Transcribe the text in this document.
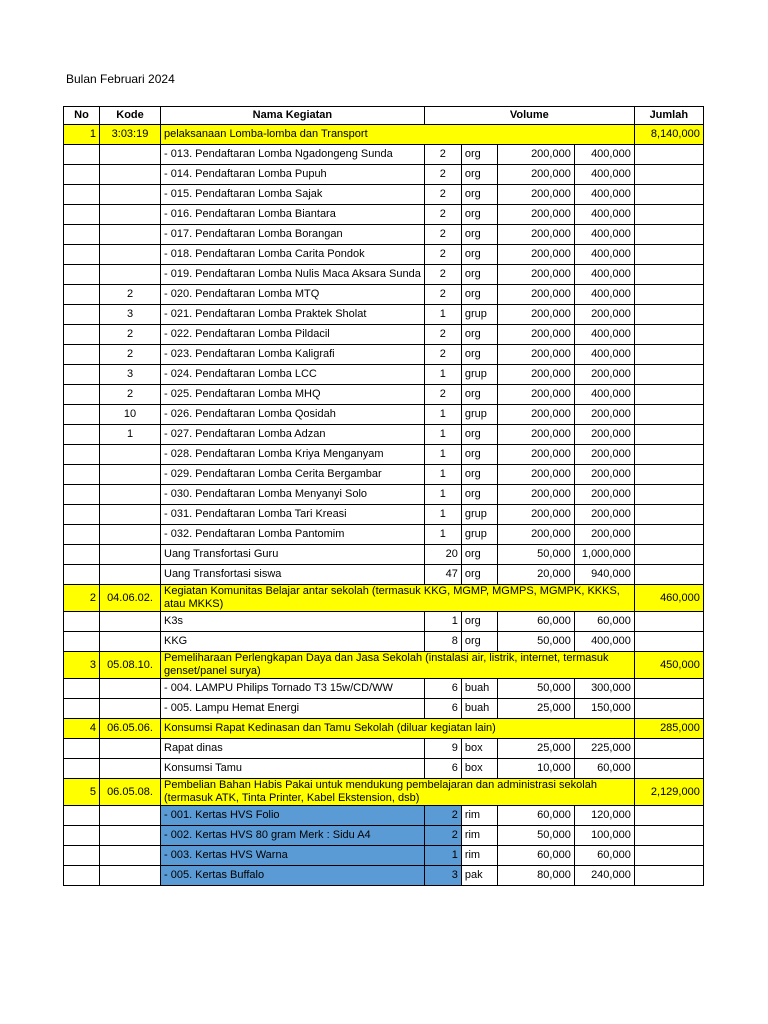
Bulan Februari 2024
No	Kode	Nama Kegiatan	Volume				Jumlah
1	3:03:19	pelaksanaan Lomba-lomba dan Transport					8,140,000
		- 013. Pendaftaran Lomba Ngadongeng Sunda	2	org	200,000	400,000	
		- 014. Pendaftaran Lomba Pupuh	2	org	200,000	400,000	
		- 015. Pendaftaran Lomba Sajak	2	org	200,000	400,000	
		- 016. Pendaftaran Lomba Biantara	2	org	200,000	400,000	
		- 017. Pendaftaran Lomba Borangan	2	org	200,000	400,000	
		- 018. Pendaftaran Lomba Carita Pondok	2	org	200,000	400,000	
		- 019. Pendaftaran Lomba Nulis Maca Aksara Sunda	2	org	200,000	400,000	
	2	- 020. Pendaftaran Lomba MTQ	2	org	200,000	400,000	
	3	- 021. Pendaftaran Lomba Praktek Sholat	1	grup	200,000	200,000	
	2	- 022. Pendaftaran Lomba Pildacil	2	org	200,000	400,000	
	2	- 023. Pendaftaran Lomba Kaligrafi	2	org	200,000	400,000	
	3	- 024. Pendaftaran Lomba LCC	1	grup	200,000	200,000	
	2	- 025. Pendaftaran Lomba MHQ	2	org	200,000	400,000	
	10	- 026. Pendaftaran Lomba Qosidah	1	grup	200,000	200,000	
	1	- 027. Pendaftaran Lomba Adzan	1	org	200,000	200,000	
		- 028. Pendaftaran Lomba Kriya Menganyam	1	org	200,000	200,000	
		- 029. Pendaftaran Lomba Cerita Bergambar	1	org	200,000	200,000	
		- 030. Pendaftaran Lomba Menyanyi Solo	1	org	200,000	200,000	
		- 031. Pendaftaran Lomba Tari Kreasi	1	grup	200,000	200,000	
		- 032. Pendaftaran Lomba Pantomim	1	grup	200,000	200,000	
		Uang Transfortasi Guru	20	org	50,000	1,000,000	
		Uang Transfortasi siswa	47	org	20,000	940,000	
2	04.06.02.	Kegiatan Komunitas Belajar antar sekolah (termasuk KKG, MGMP, MGMPS, MGMPK, KKKS, atau MKKS)					460,000
		K3s	1	org	60,000	60,000	
		KKG	8	org	50,000	400,000	
3	05.08.10.	Pemeliharaan Perlengkapan Daya dan Jasa Sekolah (instalasi air, listrik, internet, termasuk genset/panel surya)					450,000
		- 004. LAMPU Philips Tornado T3 15w/CD/WW	6	buah	50,000	300,000	
		- 005. Lampu Hemat Energi	6	buah	25,000	150,000	
4	06.05.06.	Konsumsi Rapat Kedinasan dan Tamu Sekolah (diluar kegiatan lain)					285,000
		Rapat dinas	9	box	25,000	225,000	
		Konsumsi Tamu	6	box	10,000	60,000	
5	06.05.08.	Pembelian Bahan Habis Pakai untuk mendukung pembelajaran dan administrasi sekolah (termasuk ATK, Tinta Printer, Kabel Ekstension, dsb)					2,129,000
		- 001. Kertas HVS Folio	2	rim	60,000	120,000	
		- 002. Kertas HVS 80 gram Merk : Sidu A4	2	rim	50,000	100,000	
		- 003. Kertas HVS Warna	1	rim	60,000	60,000	
		- 005. Kertas Buffalo	3	pak	80,000	240,000	
